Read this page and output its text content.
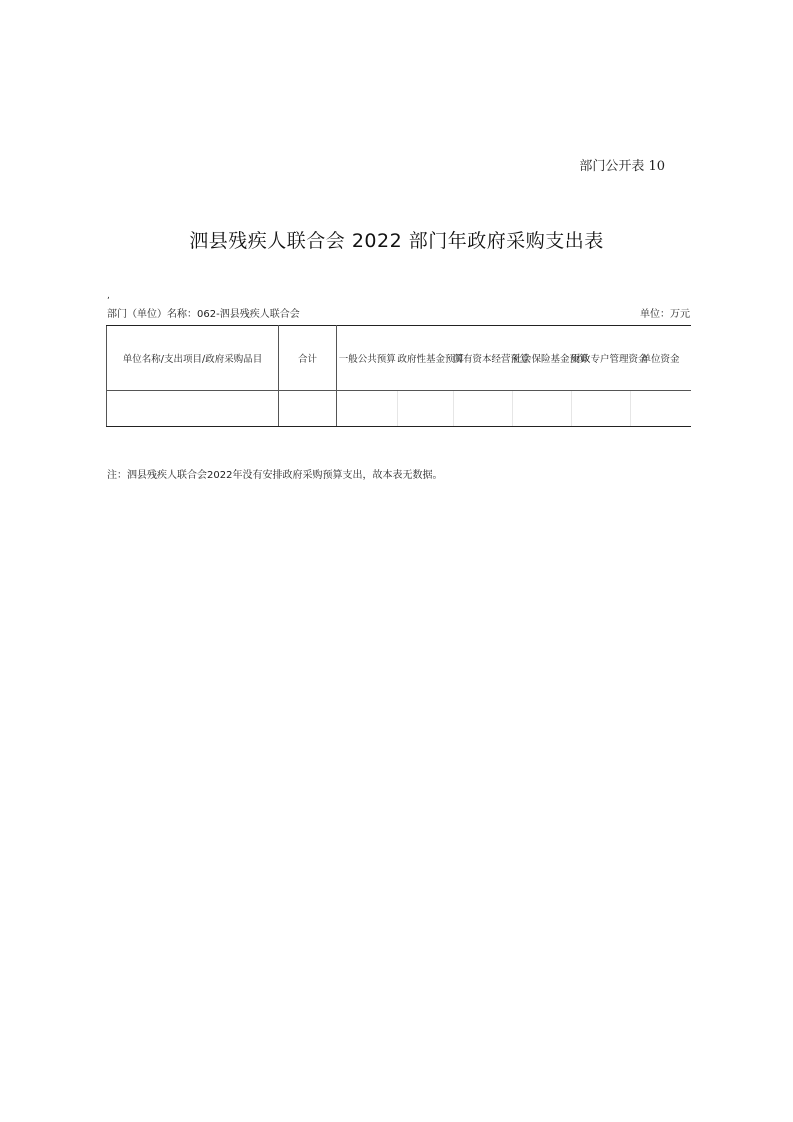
部门公开表 10
泗县残疾人联合会 2022 部门年政府采购支出表
,
部门（单位）名称：062-泗县残疾人联合会	单位：万元
单位名称/支出项目/政府采购品目	合计	一般公共预算	政府性基金预算	国有资本经营预算	社会保险基金预算	财政专户管理资金	单位资金

注：泗县残疾人联合会2022年没有安排政府采购预算支出，故本表无数据。
